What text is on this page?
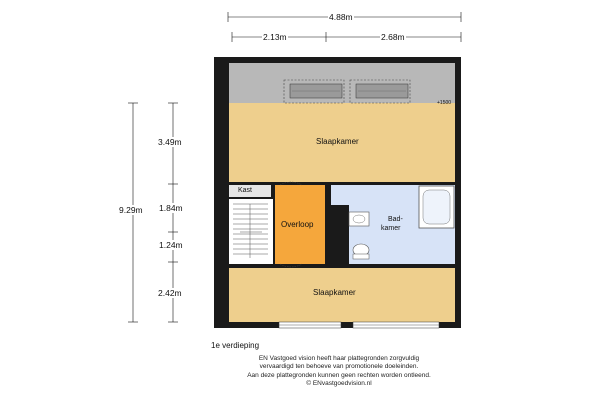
4.88m
2.13m	2.68m
9.29m
3.49m
1.84m
1.24m
2.42m
Slaapkamer
Slaapkamer
Kast
Overloop
Bad-
kamer
+1500
1e verdieping
EN Vastgoed vision heeft haar plattegronden zorgvuldig
vervaardigd ten behoeve van promotionele doeleinden.
Aan deze plattegronden kunnen geen rechten worden ontleend.
© ENvastgoedvision.nl
